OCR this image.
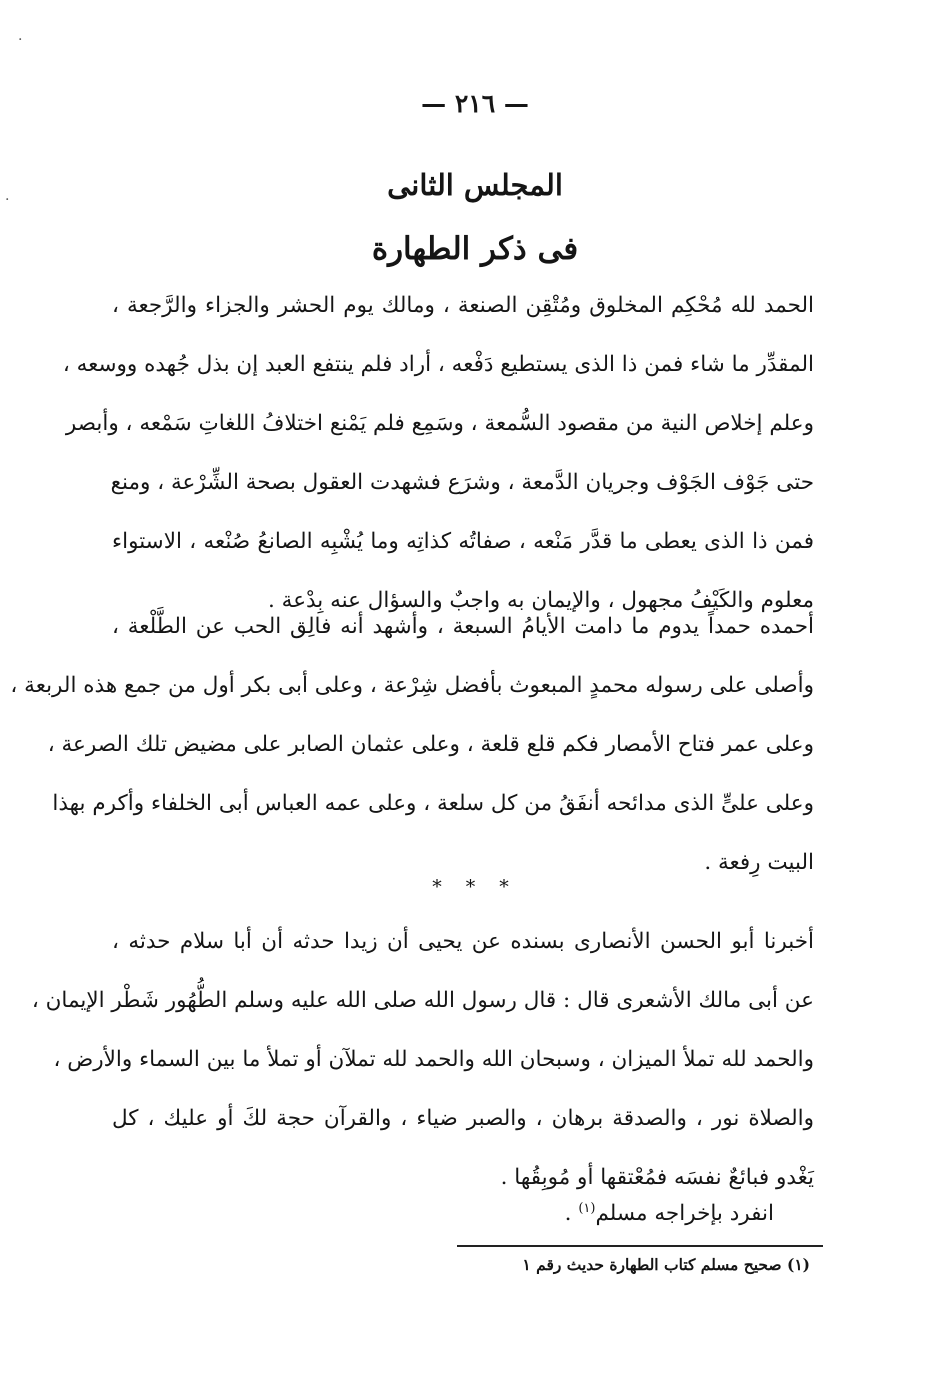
.
.
— ٢١٦ —
المجلس الثانى
فى ذكر الطهارة
الحمد لله مُحْكِم المخلوق ومُتْقِن الصنعة ، ومالك يوم الحشر والجزاء والرَّجعة ،
المقدِّر ما شاء فمن ذا الذى يستطيع دَفْعه ، أراد فلم ينتفع العبد إن بذل جُهده ووسعه ،
وعلم إخلاص النية من مقصود السُّمعة ، وسَمِع فلم يَمْنع اختلافُ اللغاتِ سَمْعه ، وأبصر
حتى جَوْف الجَوْف وجريان الدَّمعة ، وشرَع فشهدت العقول بصحة الشِّرْعة ، ومنع
فمن ذا الذى يعطى ما قدَّر مَنْعه ، صفاتُه كذاتِه وما يُشْبِه الصانعُ صُنْعه ، الاستواء
معلوم والكَيْفُ مجهول ، والإيمان به واجبٌ والسؤال عنه بِدْعة .
أحمده حمداً يدوم ما دامت الأيامُ السبعة ، وأشهد أنه فالِق الحب عن الطَّلْعة ،
وأصلى على رسوله محمدٍ المبعوث بأفضل شِرْعة ، وعلى أبى بكر أول من جمع هذه الربعة ،
وعلى عمر فتاح الأمصار فكم قلع قلعة ، وعلى عثمان الصابر على مضيض تلك الصرعة ،
وعلى علىٍّ الذى مدائحه أنفَقُ من كل سلعة ، وعلى عمه العباس أبى الخلفاء وأكرم بهذا
البيت رِفعة .
* * *
أخبرنا أبو الحسن الأنصارى بسنده عن يحيى أن زيدا حدثه أن أبا سلام حدثه ،
عن أبى مالك الأشعرى قال : قال رسول الله صلى الله عليه وسلم الطُّهُور شَطْر الإيمان ،
والحمد لله تملأ الميزان ، وسبحان الله والحمد لله تملآن أو تملأ ما بين السماء والأرض ،
والصلاة نور ، والصدقة برهان ، والصبر ضياء ، والقرآن حجة لكَ أو عليك ، كل
يَغْدو فبائعٌ نفسَه فمُعْتقها أو مُوبِقُها .
انفرد بإخراجه مسلم$^{(١)}$ .
(١) صحيح مسلم كتاب الطهارة حديث رقم ١
